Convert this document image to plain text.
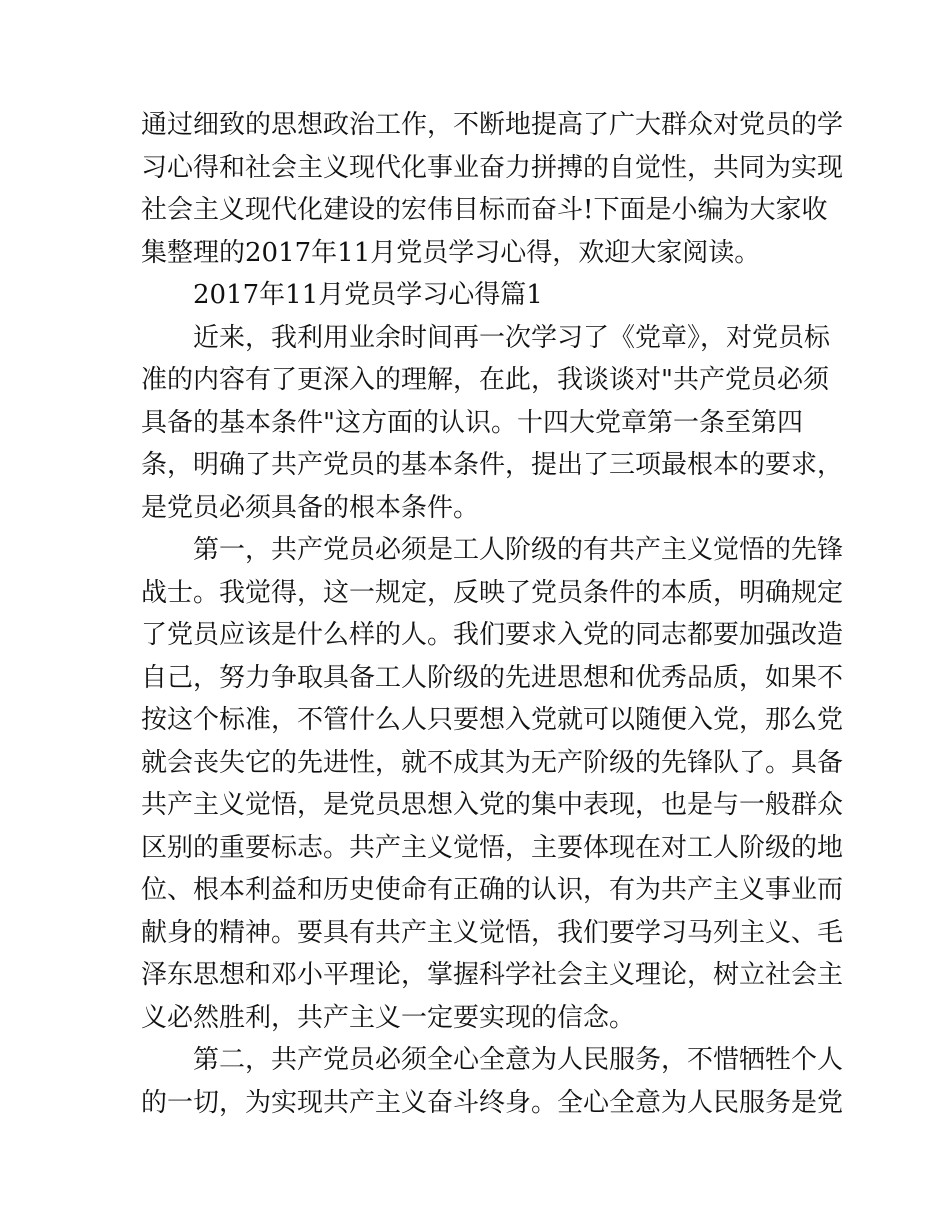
通过细致的思想政治工作，不断地提高了广大群众对党员的学
习心得和社会主义现代化事业奋力拼搏的自觉性，共同为实现
社会主义现代化建设的宏伟目标而奋斗!下面是小编为大家收
集整理的2017年11月党员学习心得，欢迎大家阅读。
2017年11月党员学习心得篇1
近来，我利用业余时间再一次学习了《党章》，对党员标
准的内容有了更深入的理解，在此，我谈谈对"共产党员必须
具备的基本条件"这方面的认识。十四大党章第一条至第四
条，明确了共产党员的基本条件，提出了三项最根本的要求，
是党员必须具备的根本条件。
第一，共产党员必须是工人阶级的有共产主义觉悟的先锋
战士。我觉得，这一规定，反映了党员条件的本质，明确规定
了党员应该是什么样的人。我们要求入党的同志都要加强改造
自己，努力争取具备工人阶级的先进思想和优秀品质，如果不
按这个标准，不管什么人只要想入党就可以随便入党，那么党
就会丧失它的先进性，就不成其为无产阶级的先锋队了。具备
共产主义觉悟，是党员思想入党的集中表现，也是与一般群众
区别的重要标志。共产主义觉悟，主要体现在对工人阶级的地
位、根本利益和历史使命有正确的认识，有为共产主义事业而
献身的精神。要具有共产主义觉悟，我们要学习马列主义、毛
泽东思想和邓小平理论，掌握科学社会主义理论，树立社会主
义必然胜利，共产主义一定要实现的信念。
第二，共产党员必须全心全意为人民服务，不惜牺牲个人
的一切，为实现共产主义奋斗终身。全心全意为人民服务是党
